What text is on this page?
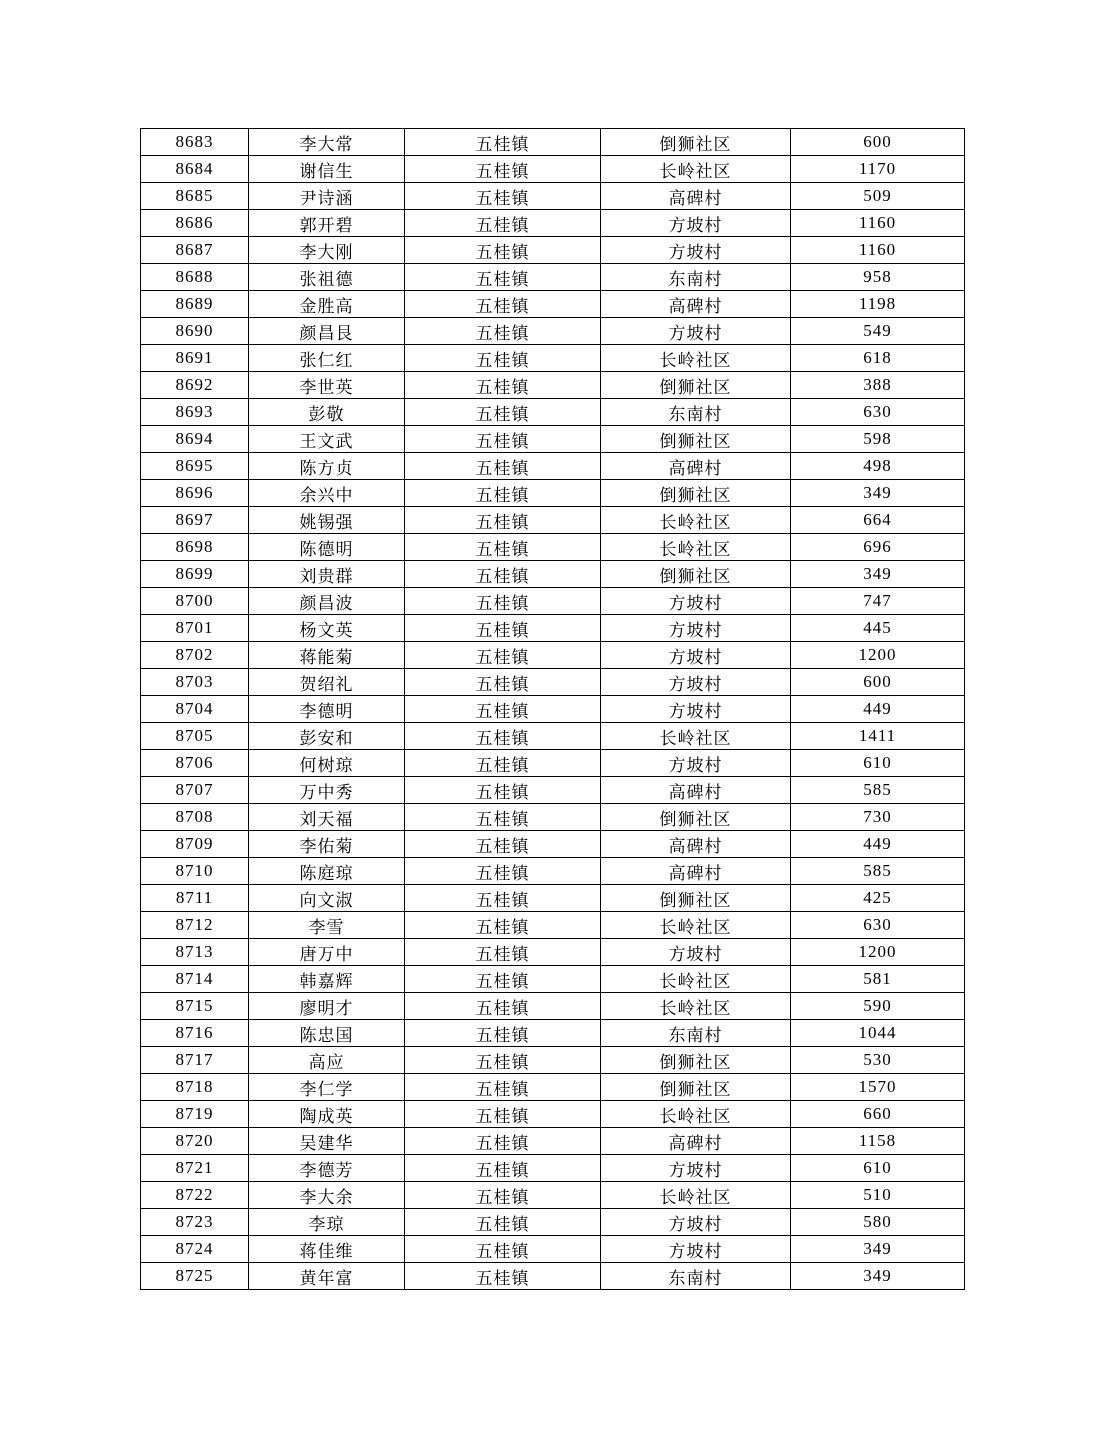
8683	李大常	五桂镇	倒狮社区	600
8684	谢信生	五桂镇	长岭社区	1170
8685	尹诗涵	五桂镇	高碑村	509
8686	郭开碧	五桂镇	方坡村	1160
8687	李大刚	五桂镇	方坡村	1160
8688	张祖德	五桂镇	东南村	958
8689	金胜高	五桂镇	高碑村	1198
8690	颜昌艮	五桂镇	方坡村	549
8691	张仁红	五桂镇	长岭社区	618
8692	李世英	五桂镇	倒狮社区	388
8693	彭敬	五桂镇	东南村	630
8694	王文武	五桂镇	倒狮社区	598
8695	陈方贞	五桂镇	高碑村	498
8696	余兴中	五桂镇	倒狮社区	349
8697	姚锡强	五桂镇	长岭社区	664
8698	陈德明	五桂镇	长岭社区	696
8699	刘贵群	五桂镇	倒狮社区	349
8700	颜昌波	五桂镇	方坡村	747
8701	杨文英	五桂镇	方坡村	445
8702	蒋能菊	五桂镇	方坡村	1200
8703	贺绍礼	五桂镇	方坡村	600
8704	李德明	五桂镇	方坡村	449
8705	彭安和	五桂镇	长岭社区	1411
8706	何树琼	五桂镇	方坡村	610
8707	万中秀	五桂镇	高碑村	585
8708	刘天福	五桂镇	倒狮社区	730
8709	李佑菊	五桂镇	高碑村	449
8710	陈庭琼	五桂镇	高碑村	585
8711	向文淑	五桂镇	倒狮社区	425
8712	李雪	五桂镇	长岭社区	630
8713	唐万中	五桂镇	方坡村	1200
8714	韩嘉辉	五桂镇	长岭社区	581
8715	廖明才	五桂镇	长岭社区	590
8716	陈忠国	五桂镇	东南村	1044
8717	高应	五桂镇	倒狮社区	530
8718	李仁学	五桂镇	倒狮社区	1570
8719	陶成英	五桂镇	长岭社区	660
8720	吴建华	五桂镇	高碑村	1158
8721	李德芳	五桂镇	方坡村	610
8722	李大余	五桂镇	长岭社区	510
8723	李琼	五桂镇	方坡村	580
8724	蒋佳维	五桂镇	方坡村	349
8725	黄年富	五桂镇	东南村	349
